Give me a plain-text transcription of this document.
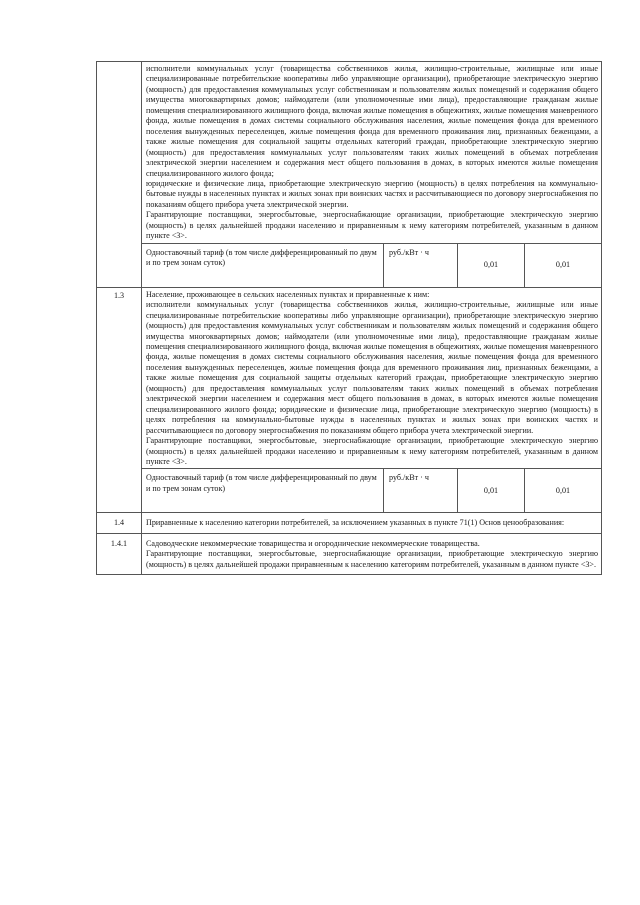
исполнители коммунальных услуг (товарищества собственников жилья, жилищно-строительные, жилищные или иные специализированные потребительские кооперативы либо управляющие организации), приобретающие электрическую энергию (мощность) для предоставления коммунальных услуг собственникам и пользователям жилых помещений и содержания общего имущества многоквартирных домов; наймодатели (или уполномоченные ими лица), предоставляющие гражданам жилые помещения специализированного жилищного фонда, включая жилые помещения в общежитиях, жилые помещения маневренного фонда, жилые помещения в домах системы социального обслуживания населения, жилые помещения фонда для временного поселения вынужденных переселенцев, жилые помещения фонда для временного проживания лиц, признанных беженцами, а также жилые помещения для социальной защиты отдельных категорий граждан, приобретающие электрическую энергию (мощность) для предоставления коммунальных услуг пользователям таких жилых помещений в объемах потребления электрической энергии населением и содержания мест общего пользования в домах, в которых имеются жилые помещения специализированного жилого фонда;

юридические и физические лица, приобретающие электрическую энергию (мощность) в целях потребления на коммунально-бытовые нужды в населенных пунктах и жилых зонах при воинских частях и рассчитывающиеся по договору энергоснабжения по показаниям общего прибора учета электрической энергии.

Гарантирующие поставщики, энергосбытовые, энергоснабжающие организации, приобретающие электрическую энергию (мощность) в целях дальнейшей продажи населению и приравненным к нему категориям потребителей, указанным в данном пункте <3>.

Одноставочный тариф (в том числе дифференцированный по двум и по трем зонам суток)	руб./кВт · ч	0,01	0,01

1.3	Население, проживающее в сельских населенных пунктах и приравненные к ним:

исполнители коммунальных услуг (товарищества собственников жилья, жилищно-строительные, жилищные или иные специализированные потребительские кооперативы либо управляющие организации), приобретающие электрическую энергию (мощность) для предоставления коммунальных услуг собственникам и пользователям жилых помещений и содержания общего имущества многоквартирных домов; наймодатели (или уполномоченные ими лица), предоставляющие гражданам жилые помещения специализированного жилищного фонда, включая жилые помещения в общежитиях, жилые помещения маневренного фонда, жилые помещения в домах системы социального обслуживания населения, жилые помещения фонда для временного поселения вынужденных переселенцев, жилые помещения фонда для временного проживания лиц, признанных беженцами, а также жилые помещения для социальной защиты отдельных категорий граждан, приобретающие электрическую энергию (мощность) для предоставления коммунальных услуг пользователям таких жилых помещений в объемах потребления электрической энергии населением и содержания мест общего пользования в домах, в которых имеются жилые помещения специализированного жилого фонда; юридические и физические лица, приобретающие электрическую энергию (мощность) в целях потребления на коммунально-бытовые нужды в населенных пунктах и жилых зонах при воинских частях и рассчитывающиеся по договору энергоснабжения по показаниям общего прибора учета электрической энергии.

Гарантирующие поставщики, энергосбытовые, энергоснабжающие организации, приобретающие электрическую энергию (мощность) в целях дальнейшей продажи населению и приравненным к нему категориям потребителей, указанным в данном пункте <3>.

Одноставочный тариф (в том числе дифференцированный по двум и по трем зонам суток)	руб./кВт · ч	0,01	0,01

1.4	Приравненные к населению категории потребителей, за исключением указанных в пункте 71(1) Основ ценообразования:

1.4.1	Садоводческие некоммерческие товарищества и огороднические некоммерческие товарищества.

Гарантирующие поставщики, энергосбытовые, энергоснабжающие организации, приобретающие электрическую энергию (мощность) в целях дальнейшей продажи приравненным к населению категориям потребителей, указанным в данном пункте <3>.
